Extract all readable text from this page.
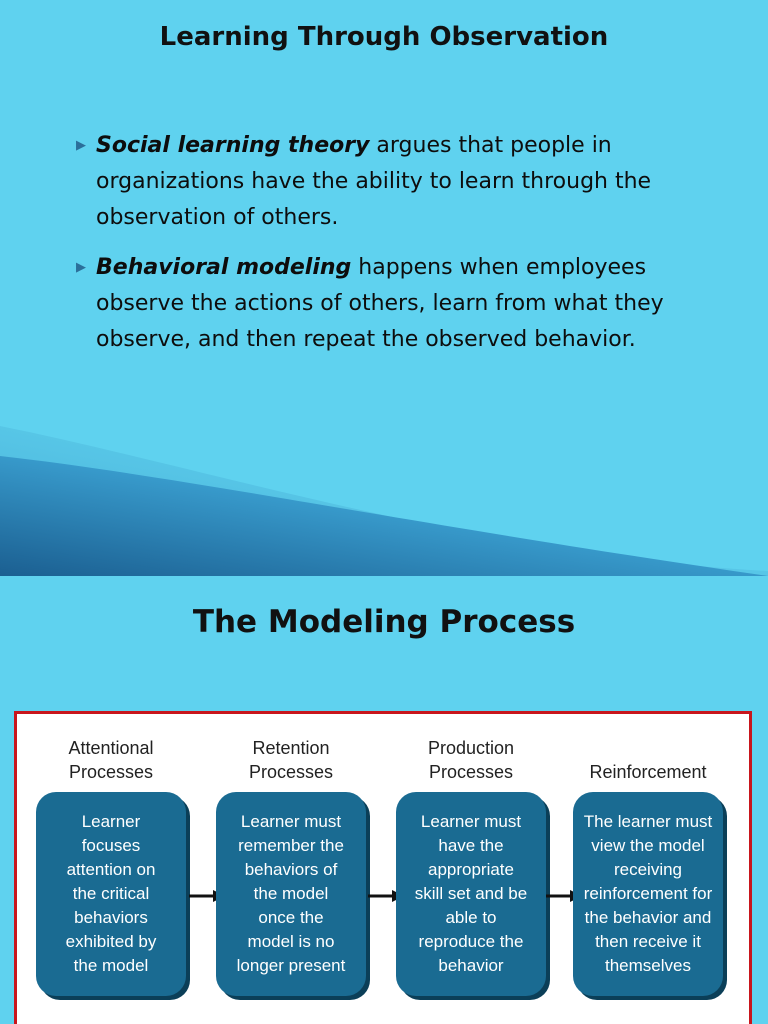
Learning Through Observation
▶ Social learning theory argues that people in organizations have the ability to learn through the observation of others.
▶ Behavioral modeling happens when employees observe the actions of others, learn from what they observe, and then repeat the observed behavior.
The Modeling Process
Attentional
Processes
Learner
focuses
attention on
the critical
behaviors
exhibited by
the model
Retention
Processes
Learner must
remember the
behaviors of
the model
once the
model is no
longer present
Production
Processes
Learner must
have the
appropriate
skill set and be
able to
reproduce the
behavior
Reinforcement
The learner must
view the model
receiving
reinforcement for
the behavior and
then receive it
themselves
